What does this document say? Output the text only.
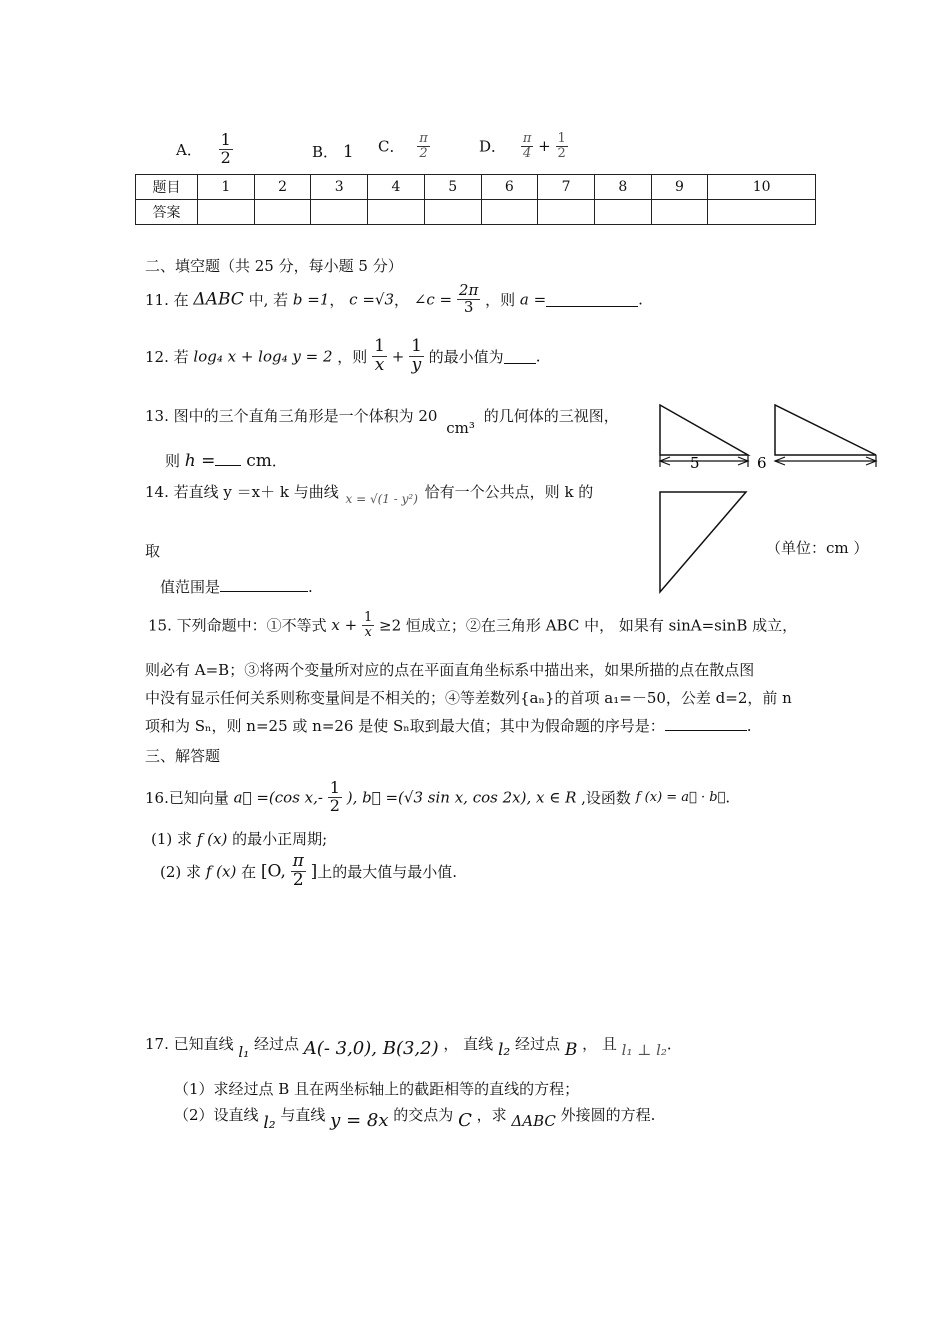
A． $\frac{1}{2}$	B． 1 C． $\frac{\pi}{2}$	D． $\frac{\pi}{4} + \frac{1}{2}$
题目	1	2	3	4	5	6	7	8	9	10
答案										
二、填空题（共 25 分，每小题 5 分）
11. 在 ΔABC 中, 若 b =1， c =√3， ∠c = $\frac{2\pi}{3}$ ，则 a =	.
12. 若 log₄ x + log₄ y = 2 ，则 $\frac{1}{x} + \frac{1}{y}$ 的最小值为 .
13. 图中的三个直角三角形是一个体积为 20 cm³ 的几何体的三视图，
则 h = cm．	5	6
（单位：cm ）
14. 若直线 y ＝x＋ k 与曲线 $_{x = √(1 - y^2)}$ 恰有一个公共点，则 k 的
取
值范围是	.
15. 下列命题中：①不等式 $x + \frac{1}{x} \ge 2$ 恒成立；②在三角形 ABC 中， 如果有 sinA=sinB 成立，
则必有 A=B；③将两个变量所对应的点在平面直角坐标系中描出来，如果所描的点在散点图
中没有显示任何关系则称变量间是不相关的；④等差数列{aₙ}的首项 a₁=－50，公差 d=2，前 n
项和为 Sₙ，则 n=25 或 n=26 是使 Sₙ取到最大值；其中为假命题的序号是：	.
三、解答题
16.已知向量 a⃗ =(cos $x,- \frac{1}{2}$ ), b⃗ =(√3 sin x, cos 2x), x ∈ R ,设函数 f (x) = a⃗ · b⃗.
(1) 求 f (x) 的最小正周期;
(2) 求 f (x) 在 [O, $\frac{\pi}{2}$ ]上的最大值与最小值.
17. 已知直线 l₁ 经过点 A(- 3,0), B(3,2) ， 直线 l₂ 经过点 B ， 且 l₁ ⊥ l₂．
（1）求经过点 B 且在两坐标轴上的截距相等的直线的方程；
（2）设直线 l₂ 与直线 y = 8x 的交点为 C ，求 ΔABC 外接圆的方程.
